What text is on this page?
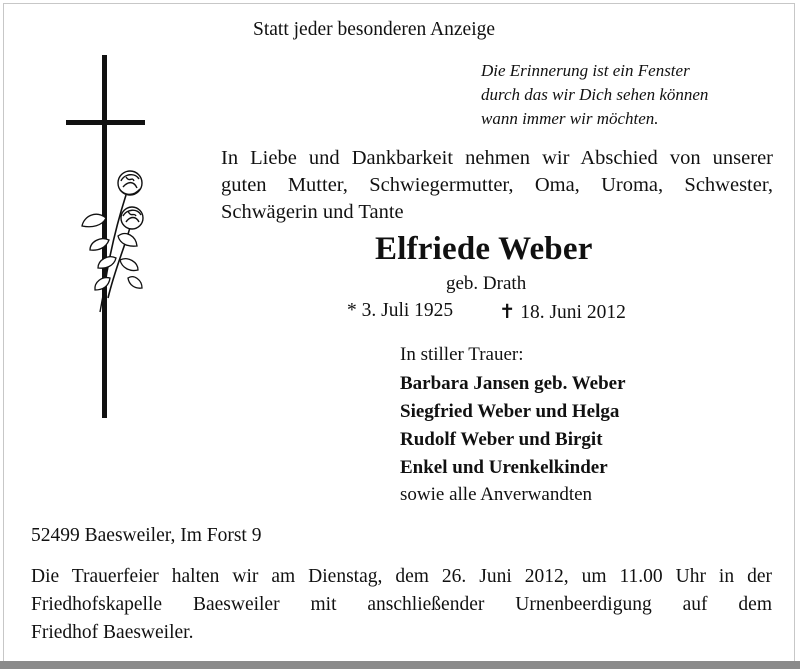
Statt jeder besonderen Anzeige
Die Erinnerung ist ein Fenster
durch das wir Dich sehen können
wann immer wir möchten.
In Liebe und Dankbarkeit nehmen wir Abschied von unserer
guten Mutter, Schwiegermutter, Oma, Uroma, Schwester,
Schwägerin und Tante
Elfriede Weber
geb. Drath
* 3. Juli 1925 ✝ 18. Juni 2012
In stiller Trauer:
Barbara Jansen geb. Weber
Siegfried Weber und Helga
Rudolf Weber und Birgit
Enkel und Urenkelkinder
sowie alle Anverwandten
52499 Baesweiler, Im Forst 9
Die Trauerfeier halten wir am Dienstag, dem 26. Juni 2012, um 11.00 Uhr in der
Friedhofskapelle Baesweiler mit anschließender Urnenbeerdigung auf dem
Friedhof Baesweiler.
